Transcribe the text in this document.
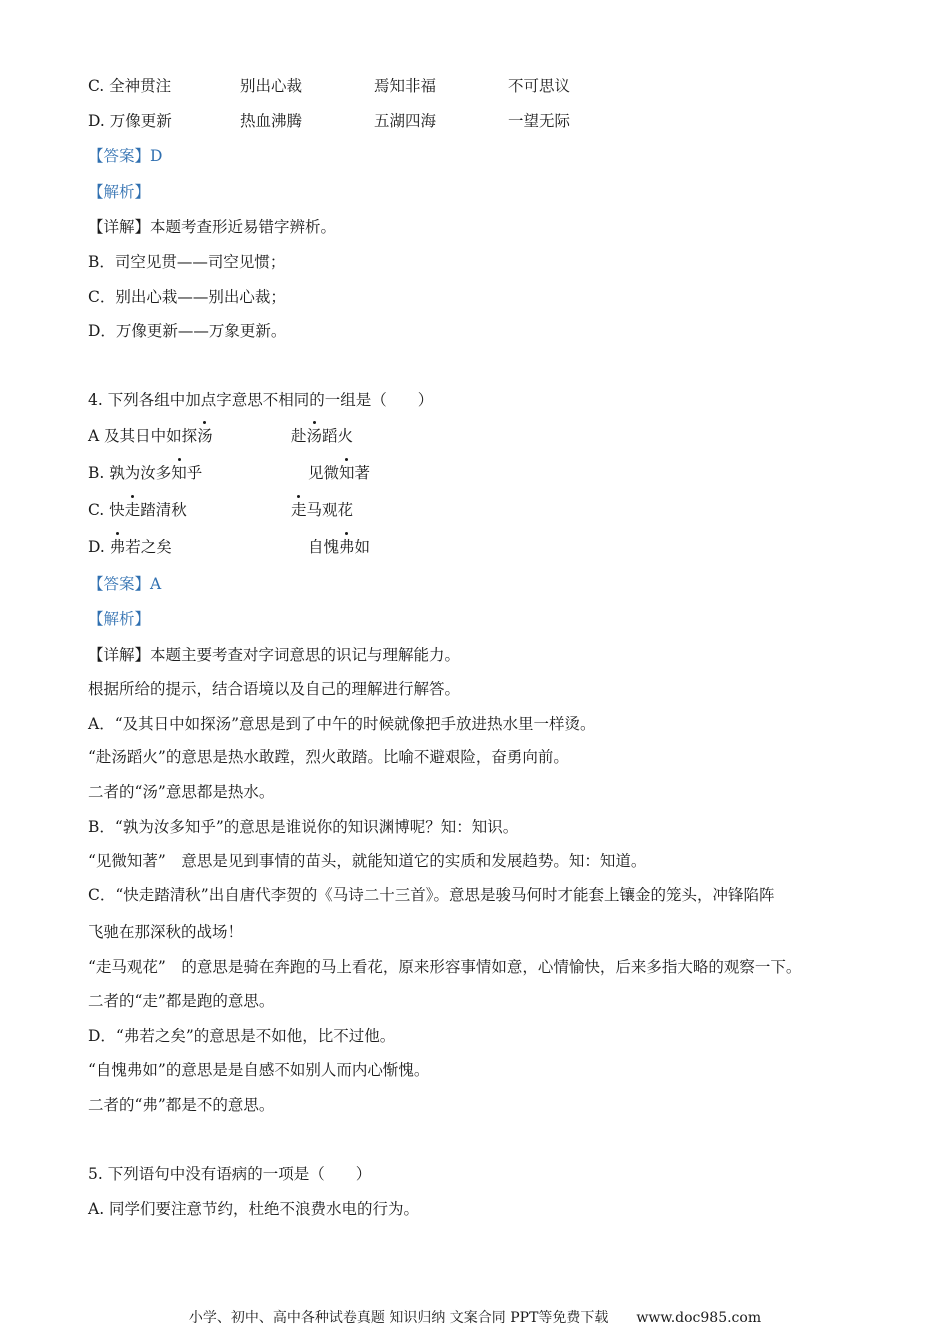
C. 全神贯注	别出心裁	焉知非福	不可思议
D. 万像更新	热血沸腾	五湖四海	一望无际
【答案】D
【解析】
【详解】本题考查形近易错字辨析。
B．司空见贯——司空见惯；
C．别出心栽——别出心裁；
D．万像更新——万象更新。
4. 下列各组中加点字意思不相同的一组是（　　）
A 及其日中如探汤	赴汤蹈火
B. 孰为汝多知乎	见微知著
C. 快走踏清秋	走马观花
D. 弗若之矣	自愧弗如
【答案】A
【解析】
【详解】本题主要考查对字词意思的识记与理解能力。
根据所给的提示，结合语境以及自己的理解进行解答。
A．“及其日中如探汤”意思是到了中午的时候就像把手放进热水里一样烫。
“赴汤蹈火”的意思是热水敢蹚，烈火敢踏。比喻不避艰险，奋勇向前。
二者的“汤”意思都是热水。
B．“孰为汝多知乎”的意思是谁说你的知识渊博呢？知：知识。
“见微知著”　意思是见到事情的苗头，就能知道它的实质和发展趋势。知：知道。
C．“快走踏清秋”出自唐代李贺的《马诗二十三首》。意思是骏马何时才能套上镶金的笼头，冲锋陷阵
飞驰在那深秋的战场！
“走马观花”　的意思是骑在奔跑的马上看花，原来形容事情如意，心情愉快，后来多指大略的观察一下。
二者的“走”都是跑的意思。
D．“弗若之矣”的意思是不如他，比不过他。
“自愧弗如”的意思是是自感不如别人而内心惭愧。
二者的“弗”都是不的意思。
5. 下列语句中没有语病的一项是（　　）
A. 同学们要注意节约，杜绝不浪费水电的行为。
小学、初中、高中各种试卷真题 知识归纳 文案合同 PPT等免费下载　　www.doc985.com
